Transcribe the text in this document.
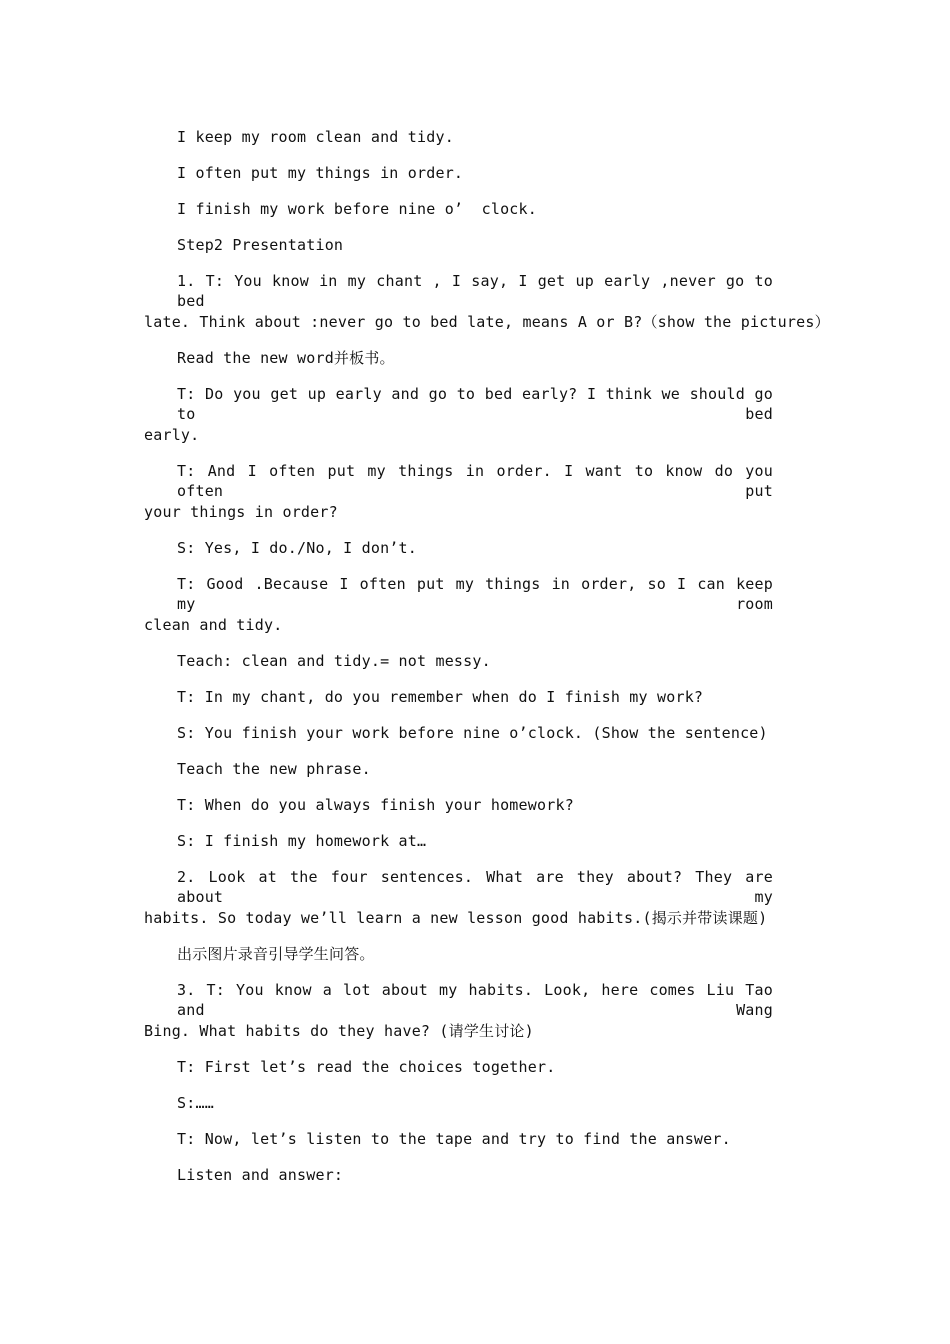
I keep my room clean and tidy.

I often put my things in order.

I finish my work before nine o’  clock.

Step2 Presentation

1. T: You know in my chant , I say, I get up early ,never go to bed

late. Think about :never go to bed late, means A or B?（show the pictures）

Read the new word并板书。

T: Do you get up early and go to bed early? I think we should go to bed

early.

T: And I often put my things in order. I want to know do you often put

your things in order?

S: Yes, I do./No, I don’t.

T: Good .Because I often put my things in order, so I can keep my room

clean and tidy.

Teach: clean and tidy.= not messy.

T: In my chant, do you remember when do I finish my work?

S: You finish your work before nine o’clock. (Show the sentence)

Teach the new phrase.

T: When do you always finish your homework?

S: I finish my homework at…

2. Look at the four sentences. What are they about? They are about my

habits. So today we’ll learn a new lesson good habits.(揭示并带读课题)

出示图片录音引导学生问答。

3. T: You know a lot about my habits. Look, here comes Liu Tao and Wang

Bing. What habits do they have? (请学生讨论)

T: First let’s read the choices together.

S:……

T: Now, let’s listen to the tape and try to find the answer.

Listen and answer:
